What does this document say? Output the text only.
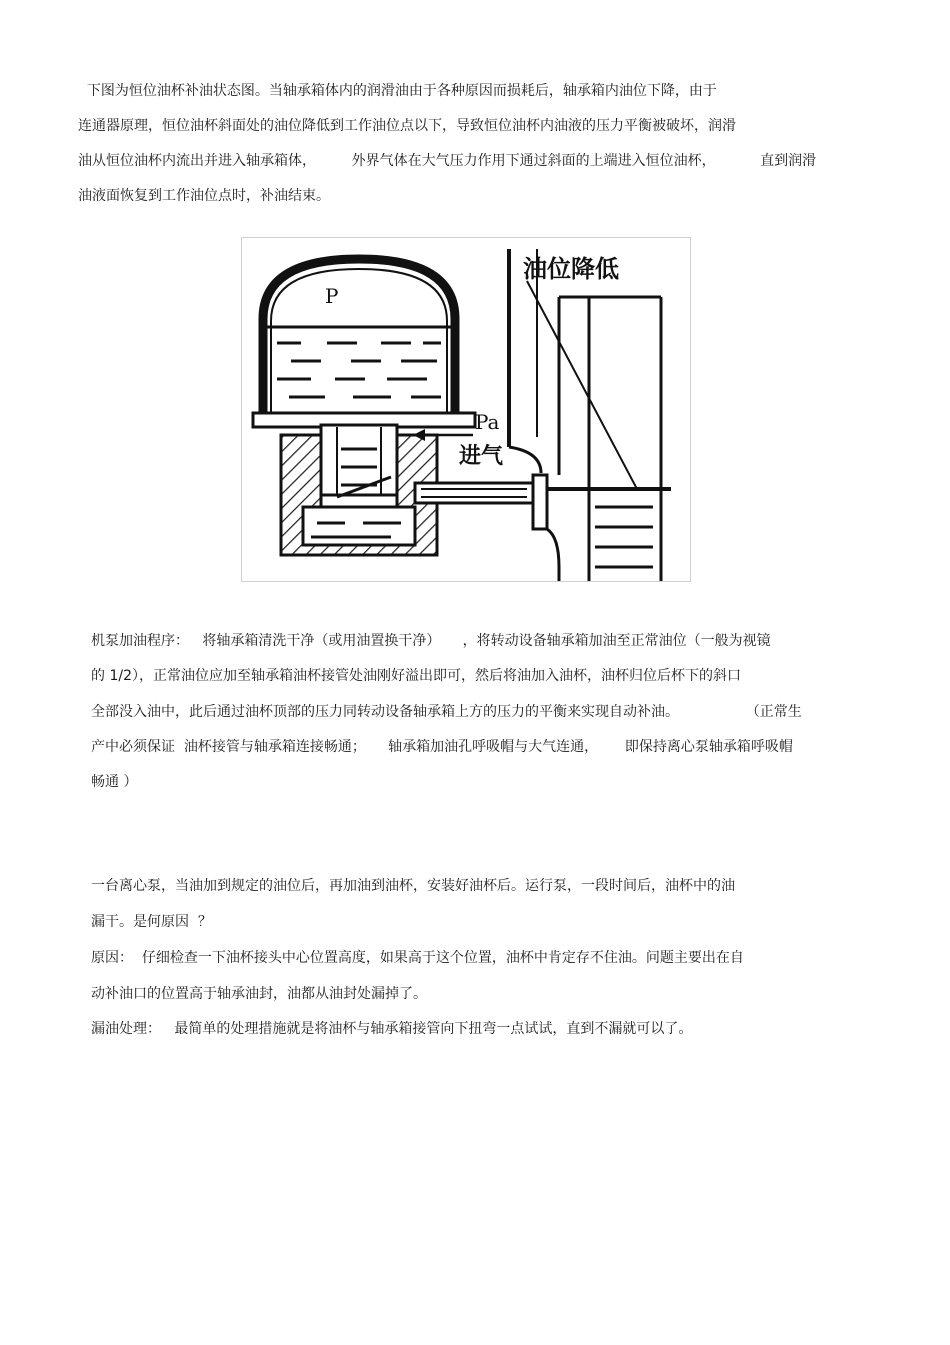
下图为恒位油杯补油状态图。当轴承箱体内的润滑油由于各种原因而损耗后，轴承箱内油位下降，由于
连通器原理，恒位油杯斜面处的油位降低到工作油位点以下，导致恒位油杯内油液的压力平衡被破坏，润滑
油从恒位油杯内流出并进入轴承箱体，        外界气体在大气压力作用下通过斜面的上端进入恒位油杯，          直到润滑
油液面恢复到工作油位点时，补油结束。
油位降低
P
Pa
进气
机泵加油程序：   将轴承箱清洗干净（或用油置换干净）     ，将转动设备轴承箱加油至正常油位（一般为视镜
的 1/2），正常油位应加至轴承箱油杯接管处油刚好溢出即可，然后将油加入油杯，油杯归位后杯下的斜口
全部没入油中，此后通过油杯顶部的压力同转动设备轴承箱上方的压力的平衡来实现自动补油。               （正常生
产中必须保证  油杯接管与轴承箱连接畅通；     轴承箱加油孔呼吸帽与大气连通，      即保持离心泵轴承箱呼吸帽
畅通 ）
一台离心泵，当油加到规定的油位后，再加油到油杯，安装好油杯后。运行泵，一段时间后，油杯中的油
漏干。是何原因  ？
原因：  仔细检查一下油杯接头中心位置高度，如果高于这个位置，油杯中肯定存不住油。问题主要出在自
动补油口的位置高于轴承油封，油都从油封处漏掉了。
漏油处理：   最简单的处理措施就是将油杯与轴承箱接管向下扭弯一点试试，直到不漏就可以了。
